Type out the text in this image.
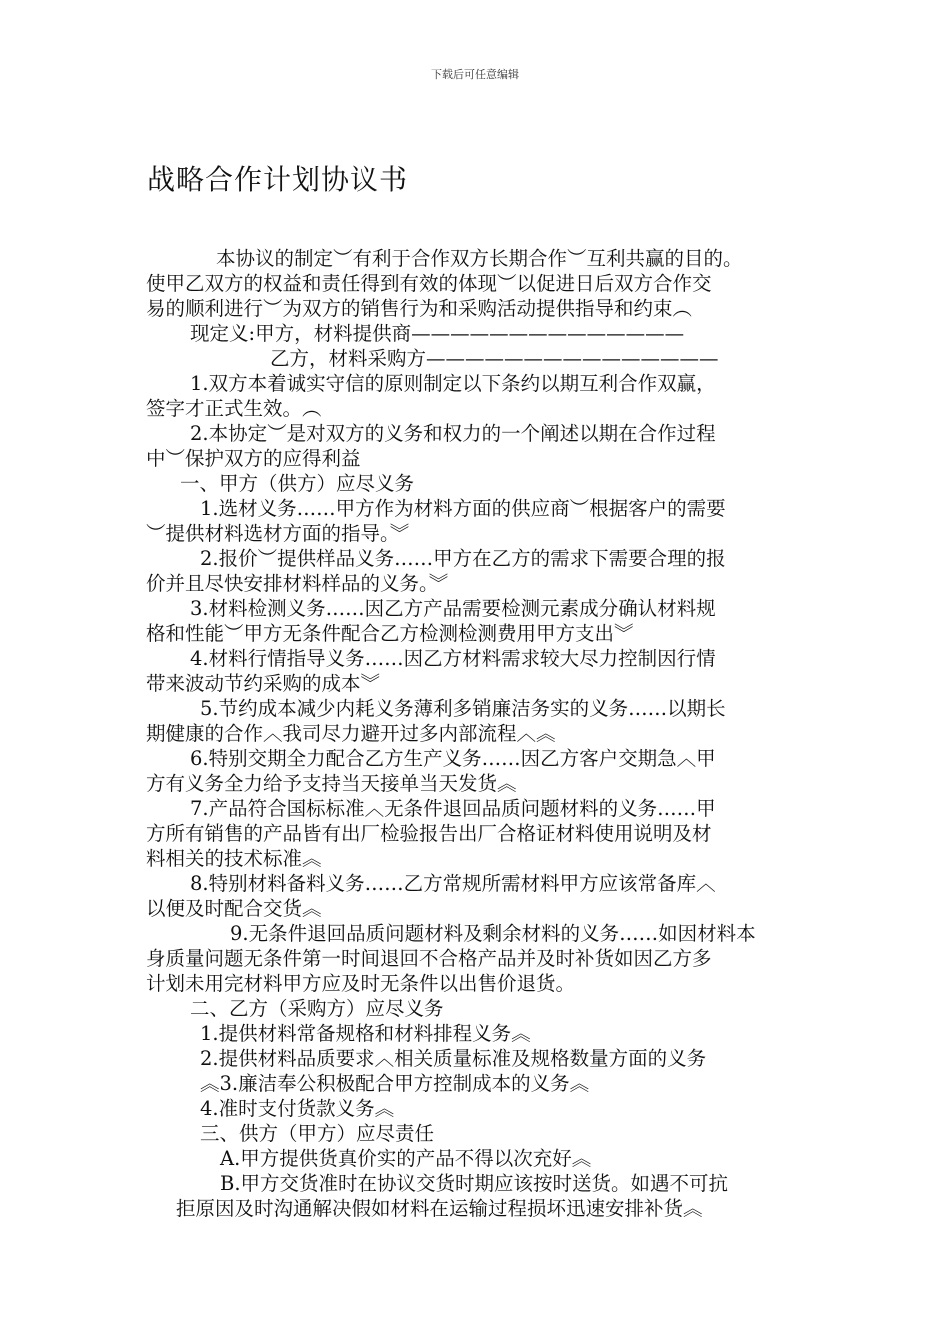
下载后可任意编辑
战略合作计划协议书
本协议的制定︶有利于合作双方长期合作︶互利共赢的目的。
使甲乙双方的权益和责任得到有效的体现︶以促进日后双方合作交
易的顺利进行︶为双方的销售行为和采购活动提供指导和约束︵
现定义:甲方，材料提供商——————————————
乙方，材料采购方———————————————
1.双方本着诚实守信的原则制定以下条约以期互利合作双赢，
签字才正式生效。︵
2.本协定︶是对双方的义务和权力的一个阐述以期在合作过程
中︶保护双方的应得利益
一、甲方（供方）应尽义务
1.选材义务……甲方作为材料方面的供应商︶根据客户的需要
︶提供材料选材方面的指导。︾
2.报价︶提供样品义务……甲方在乙方的需求下需要合理的报
价并且尽快安排材料样品的义务。︾
3.材料检测义务……因乙方产品需要检测元素成分确认材料规
格和性能︶甲方无条件配合乙方检测检测费用甲方支出︾
4.材料行情指导义务……因乙方材料需求较大尽力控制因行情
带来波动节约采购的成本︾
5.节约成本减少内耗义务薄利多销廉洁务实的义务……以期长
期健康的合作︿我司尽力避开过多内部流程︿︽
6.特别交期全力配合乙方生产义务……因乙方客户交期急︿甲
方有义务全力给予支持当天接单当天发货︽
7.产品符合国标标准︿无条件退回品质问题材料的义务……甲
方所有销售的产品皆有出厂检验报告出厂合格证材料使用说明及材
料相关的技术标准︽
8.特别材料备料义务……乙方常规所需材料甲方应该常备库︿
以便及时配合交货︽
9.无条件退回品质问题材料及剩余材料的义务……如因材料本
身质量问题无条件第一时间退回不合格产品并及时补货如因乙方多
计划未用完材料甲方应及时无条件以出售价退货。
二、乙方（采购方）应尽义务
1.提供材料常备规格和材料排程义务︽
2.提供材料品质要求︿相关质量标准及规格数量方面的义务
︽3.廉洁奉公积极配合甲方控制成本的义务︽
4.准时支付货款义务︽
三、供方（甲方）应尽责任
A.甲方提供货真价实的产品不得以次充好︽
B.甲方交货准时在协议交货时期应该按时送货。如遇不可抗
拒原因及时沟通解决假如材料在运输过程损坏迅速安排补货︽
